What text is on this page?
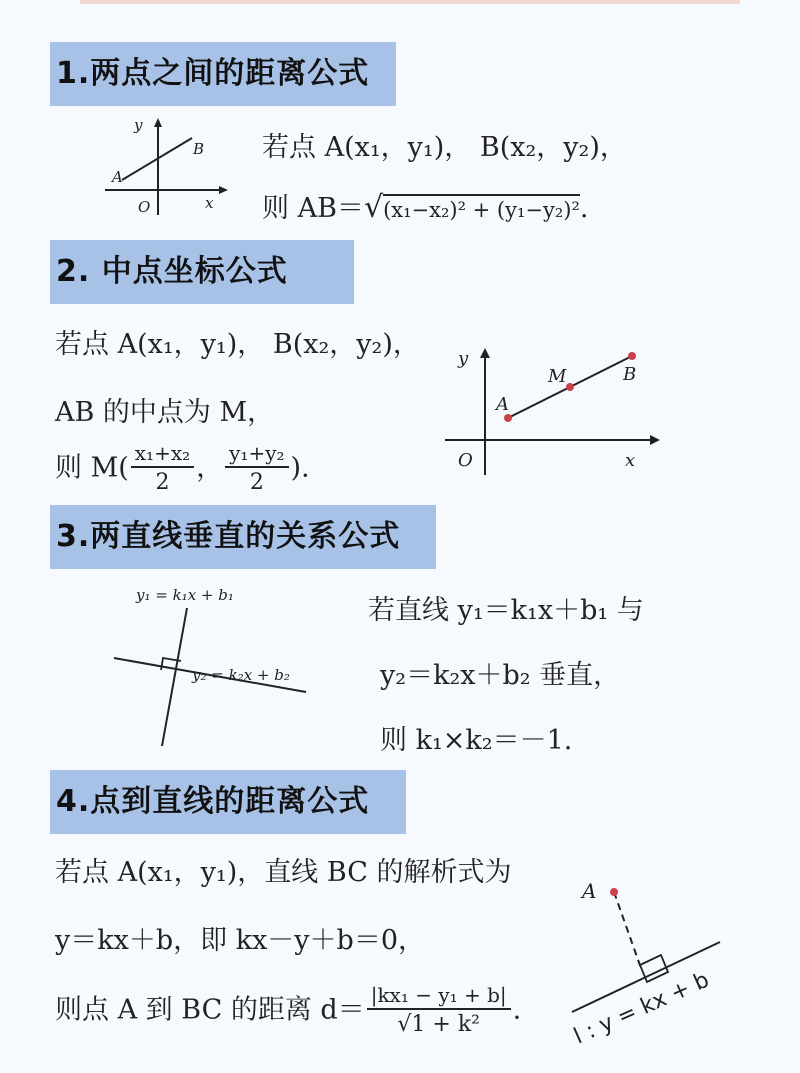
1.两点之间的距离公式
y
x
O
A
B 若点 A(x₁，y₁)， B(x₂，y₂)，
则 AB＝√(x₁−x₂)² + (y₁−y₂)².
2. 中点坐标公式
若点 A(x₁，y₁)， B(x₂，y₂)，
AB 的中点为 M，
则 $M( \frac{\text{x₁+x₂}}{2}$ ， $\frac{\text{y₁+y₂}}{2}$ ).
y
x
O
A
M	B
3.两直线垂直的关系公式
y₁ = k₁x + b₁
y₂ = k₂x + b₂
若直线 y₁＝k₁x＋b₁ 与
y₂＝k₂x＋b₂ 垂直，
则 k₁×k₂＝－1.
4.点到直线的距离公式
若点 A(x₁，y₁)，直线 BC 的解析式为
y＝kx＋b，即 kx－y＋b＝0，
则点 A 到 BC 的距离 $d= \frac{\text{|kx₁ − y₁ + b|}}{\text{√1 + k²}}$ .
A
l : y = kx + b
